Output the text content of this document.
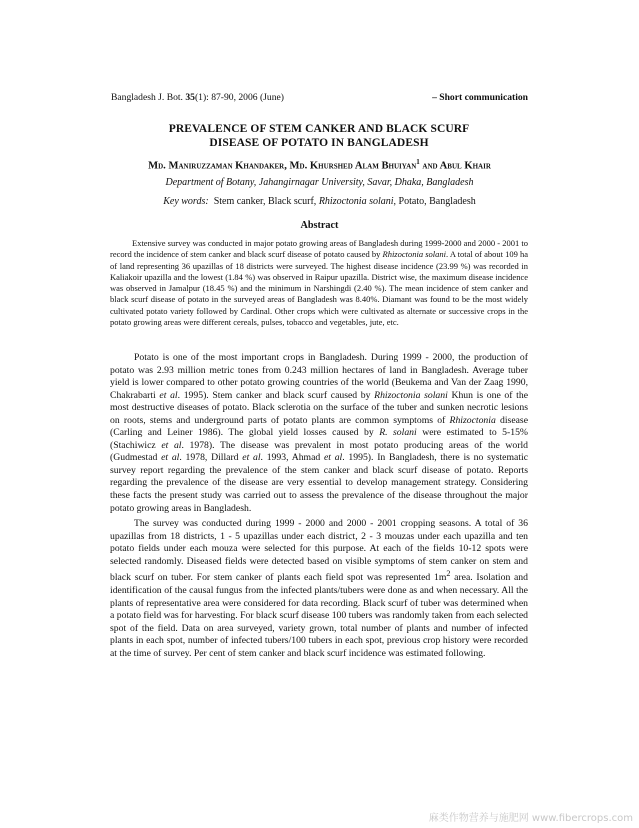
Bangladesh J. Bot. 35(1): 87-90, 2006 (June)	– Short communication
PREVALENCE OF STEM CANKER AND BLACK SCURF
DISEASE OF POTATO IN BANGLADESH
Md. Maniruzzaman Khandaker, Md. Khurshed Alam Bhuiyan$^1$ and Abul Khair
Department of Botany, Jahangirnagar University, Savar, Dhaka, Bangladesh
Key words: Stem canker, Black scurf, Rhizoctonia solani, Potato, Bangladesh
Abstract
Extensive survey was conducted in major potato growing areas of Bangladesh during 1999-2000 and 2000 - 2001 to record the incidence of stem canker and black scurf disease of potato caused by Rhizoctonia solani. A total of about 109 ha of land representing 36 upazillas of 18 districts were surveyed. The highest disease incidence (23.99 %) was recorded in Kaliakoir upazilla and the lowest (1.84 %) was observed in Raipur upazilla. District wise, the maximum disease incidence was observed in Jamalpur (18.45 %) and the minimum in Narshingdi (2.40 %). The mean incidence of stem canker and black scurf disease of potato in the surveyed areas of Bangladesh was 8.40%. Diamant was found to be the most widely cultivated potato variety followed by Cardinal. Other crops which were cultivated as alternate or successive crops in the potato growing areas were different cereals, pulses, tobacco and vegetables, jute, etc.

Potato is one of the most important crops in Bangladesh. During 1999 - 2000, the production of potato was 2.93 million metric tones from 0.243 million hectares of land in Bangladesh. Average tuber yield is lower compared to other potato growing countries of the world (Beukema and Van der Zaag 1990, Chakrabarti et al. 1995). Stem canker and black scurf caused by Rhizoctonia solani Khun is one of the most destructive diseases of potato. Black sclerotia on the surface of the tuber and sunken necrotic lesions on roots, stems and underground parts of potato plants are common symptoms of Rhizoctonia disease (Carling and Leiner 1986). The global yield losses caused by R. solani were estimated to 5-15% (Stachiwicz et al. 1978). The disease was prevalent in most potato producing areas of the world (Gudmestad et al. 1978, Dillard et al. 1993, Ahmad et al. 1995). In Bangladesh, there is no systematic survey report regarding the prevalence of the stem canker and black scurf disease of potato. Reports regarding the prevalence of the disease are very essential to develop management strategy. Considering these facts the present study was carried out to assess the prevalence of the disease throughout the major potato growing areas in Bangladesh.

The survey was conducted during 1999 - 2000 and 2000 - 2001 cropping seasons. A total of 36 upazillas from 18 districts, 1 - 5 upazillas under each district, 2 - 3 mouzas under each upazilla and ten potato fields under each mouza were selected for this purpose. At each of the fields 10-12 spots were selected randomly. Diseased fields were detected based on visible symptoms of stem canker on stem and black scurf on tuber. For stem canker of plants each field spot was represented $1m^2$ area. Isolation and identification of the causal fungus from the infected plants/tubers were done as and when necessary. All the plants of representative area were considered for data recording. Black scurf of tuber was determined when a potato field was for harvesting. For black scurf disease 100 tubers was randomly taken from each selected spot of the field. Data on area surveyed, variety grown, total number of plants and number of infected plants in each spot, number of infected tubers/100 tubers in each spot, previous crop history were recorded at the time of survey. Per cent of stem canker and black scurf incidence was estimated following.

麻类作物营养与施肥网 www.fibercrops.com
